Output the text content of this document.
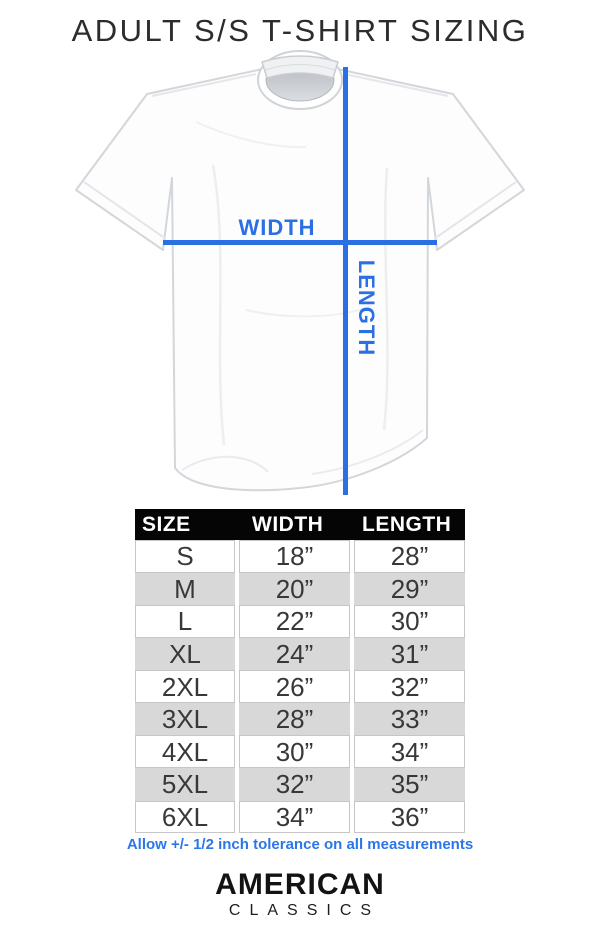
ADULT S/S T-SHIRT SIZING
WIDTH
LENGTH
SIZE	WIDTH	LENGTH
S	18”	28”
M	20”	29”
L	22”	30”
XL	24”	31”
2XL	26”	32”
3XL	28”	33”
4XL	30”	34”
5XL	32”	35”
6XL	34”	36”
Allow +/- 1/2 inch tolerance on all measurements
AMERICAN
CLASSICS
